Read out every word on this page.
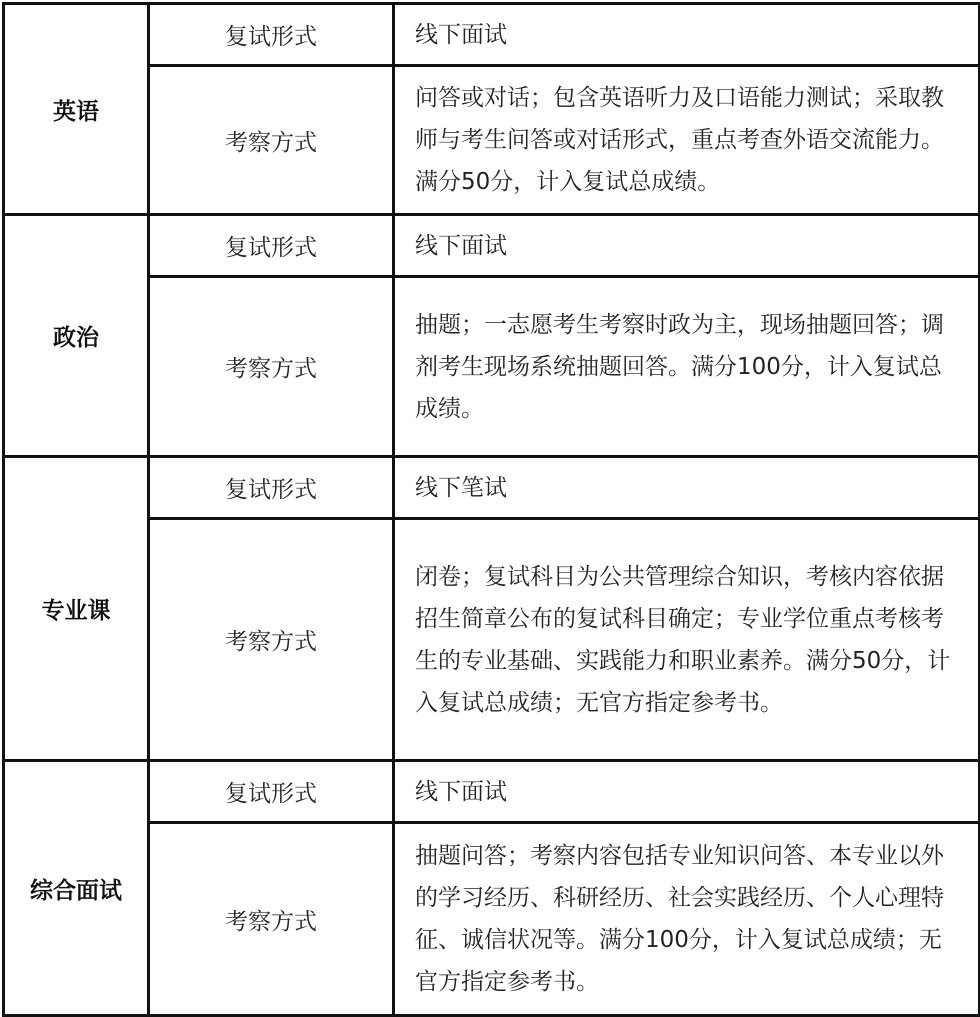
英语	复试形式	线下面试
	考察方式	问答或对话；包含英语听力及口语能力测试；采取教师与考生问答或对话形式，重点考查外语交流能力。满分50分，计入复试总成绩。
政治	复试形式	线下面试
	考察方式	抽题；一志愿考生考察时政为主，现场抽题回答；调剂考生现场系统抽题回答。满分100分，计入复试总成绩。
专业课	复试形式	线下笔试
	考察方式	闭卷；复试科目为公共管理综合知识，考核内容依据招生简章公布的复试科目确定；专业学位重点考核考生的专业基础、实践能力和职业素养。满分50分，计入复试总成绩；无官方指定参考书。
综合面试	复试形式	线下面试
	考察方式	抽题问答；考察内容包括专业知识问答、本专业以外的学习经历、科研经历、社会实践经历、个人心理特征、诚信状况等。满分100分，计入复试总成绩；无官方指定参考书。
